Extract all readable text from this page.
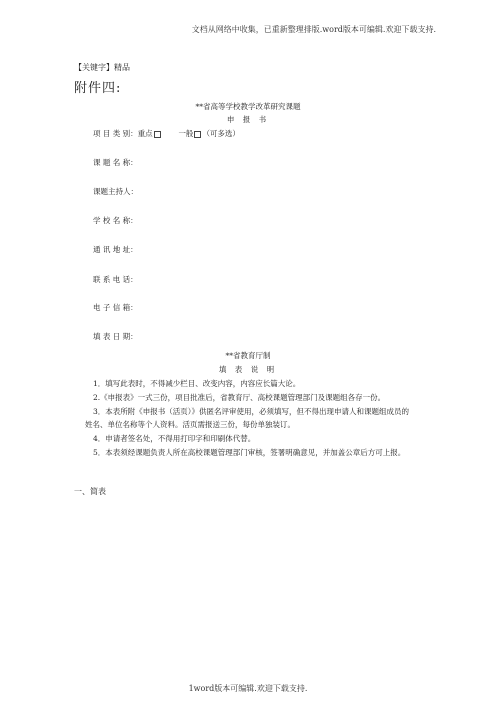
文档从网络中收集，已重新整理排版.word版本可编辑.欢迎下载支持.
【关键字】精品
附件四:
**省高等学校教学改革研究课题
申 报 书
项 目 类 别：重点	一般 （可多选）
课 题 名 称：
课题主持人：
学 校 名 称：
通 讯 地 址：
联 系 电 话：
电 子 信 箱：
填 表 日 期：
**省教育厅制
填 表 说 明
1．填写此表时，不得减少栏目、改变内容，内容应长篇大论。
2.《申报表》一式三份，项目批准后，省教育厅、高校课题管理部门及课题组各存一份。
3．本表所附《申报书（活页）》供匿名评审使用，必须填写，但不得出现申请人和课题组成员的姓名、单位名称等个人资料。活页需报送三份，每份单独装订。
4．申请者签名处，不得用打印字和印刷体代替。
5．本表须经课题负责人所在高校课题管理部门审核，签署明确意见，并加盖公章后方可上报。
一、简表
1word版本可编辑.欢迎下载支持.
